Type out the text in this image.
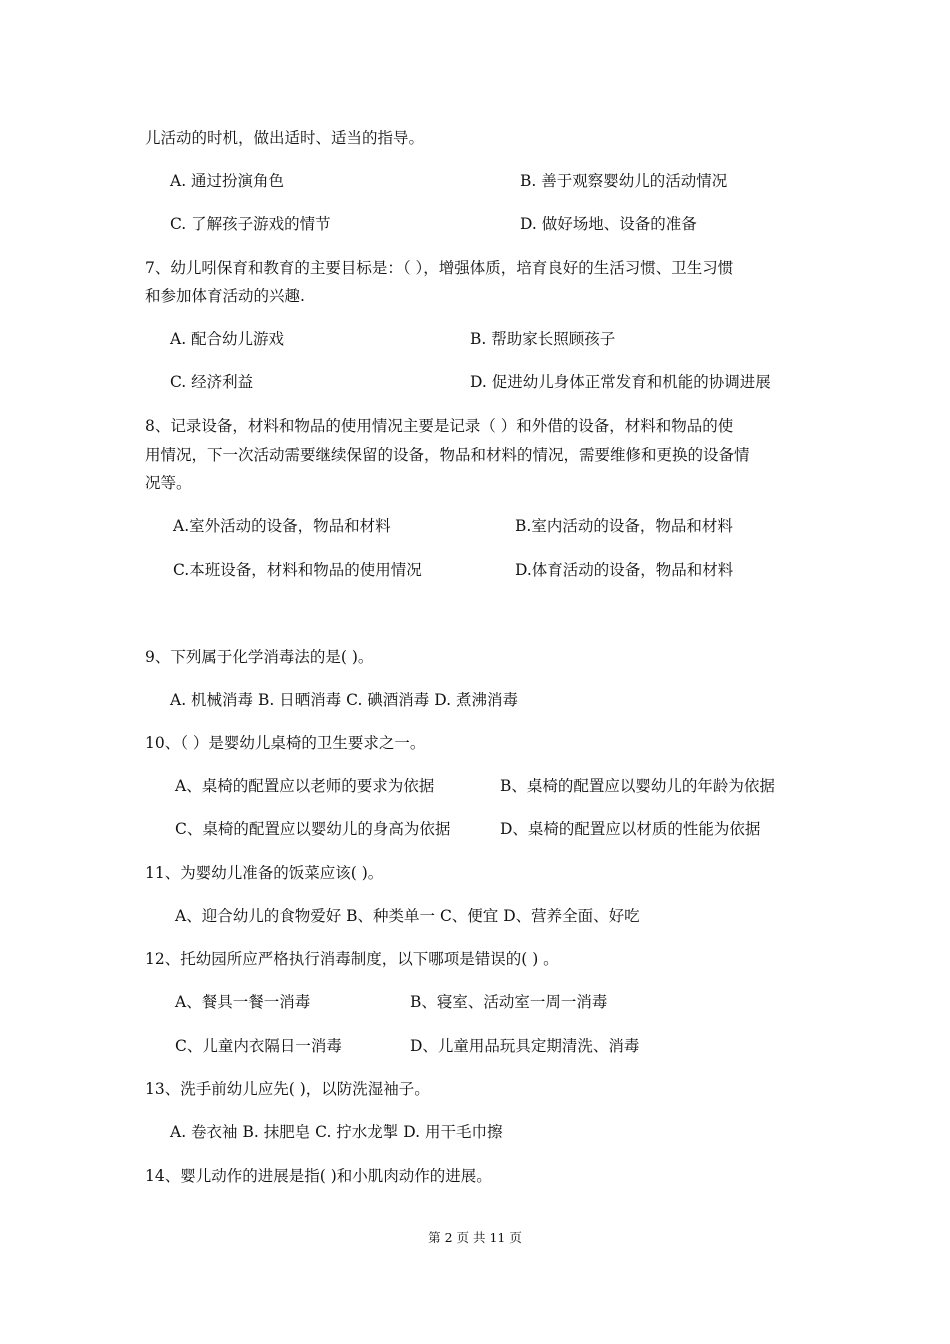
儿活动的时机，做出适时、适当的指导。

A. 通过扮演角色	B. 善于观察婴幼儿的活动情况

C. 了解孩子游戏的情节	D. 做好场地、设备的准备

7、幼儿吲保育和教育的主要目标是：（ ），增强体质，培育良好的生活习惯、卫生习惯

和参加体育活动的兴趣.

A. 配合幼儿游戏	B. 帮助家长照顾孩子

C. 经济利益	D. 促进幼儿身体正常发育和机能的协调进展

8、记录设备，材料和物品的使用情况主要是记录（ ）和外借的设备，材料和物品的使

用情况，下一次活动需要继续保留的设备，物品和材料的情况，需要维修和更换的设备情

况等。

A.室外活动的设备，物品和材料	B.室内活动的设备，物品和材料

C.本班设备，材料和物品的使用情况	D.体育活动的设备，物品和材料

9、下列属于化学消毒法的是( )。

A. 机械消毒 B. 日晒消毒 C. 碘酒消毒 D. 煮沸消毒

10、（ ）是婴幼儿桌椅的卫生要求之一。

A、桌椅的配置应以老师的要求为依据	B、桌椅的配置应以婴幼儿的年龄为依据

C、桌椅的配置应以婴幼儿的身高为依据	D、桌椅的配置应以材质的性能为依据

11、为婴幼儿准备的饭菜应该( )。

A、迎合幼儿的食物爱好 B、种类单一 C、便宜 D、营养全面、好吃

12、托幼园所应严格执行消毒制度，以下哪项是错误的( ) 。

A、餐具一餐一消毒	B、寝室、活动室一周一消毒

C、儿童内衣隔日一消毒	D、儿童用品玩具定期清洗、消毒

13、洗手前幼儿应先( )，以防洗湿袖子。

A. 卷衣袖 B. 抹肥皂 C. 拧水龙掣 D. 用干毛巾擦

14、婴儿动作的进展是指( )和小肌肉动作的进展。

第 2 页 共 11 页
